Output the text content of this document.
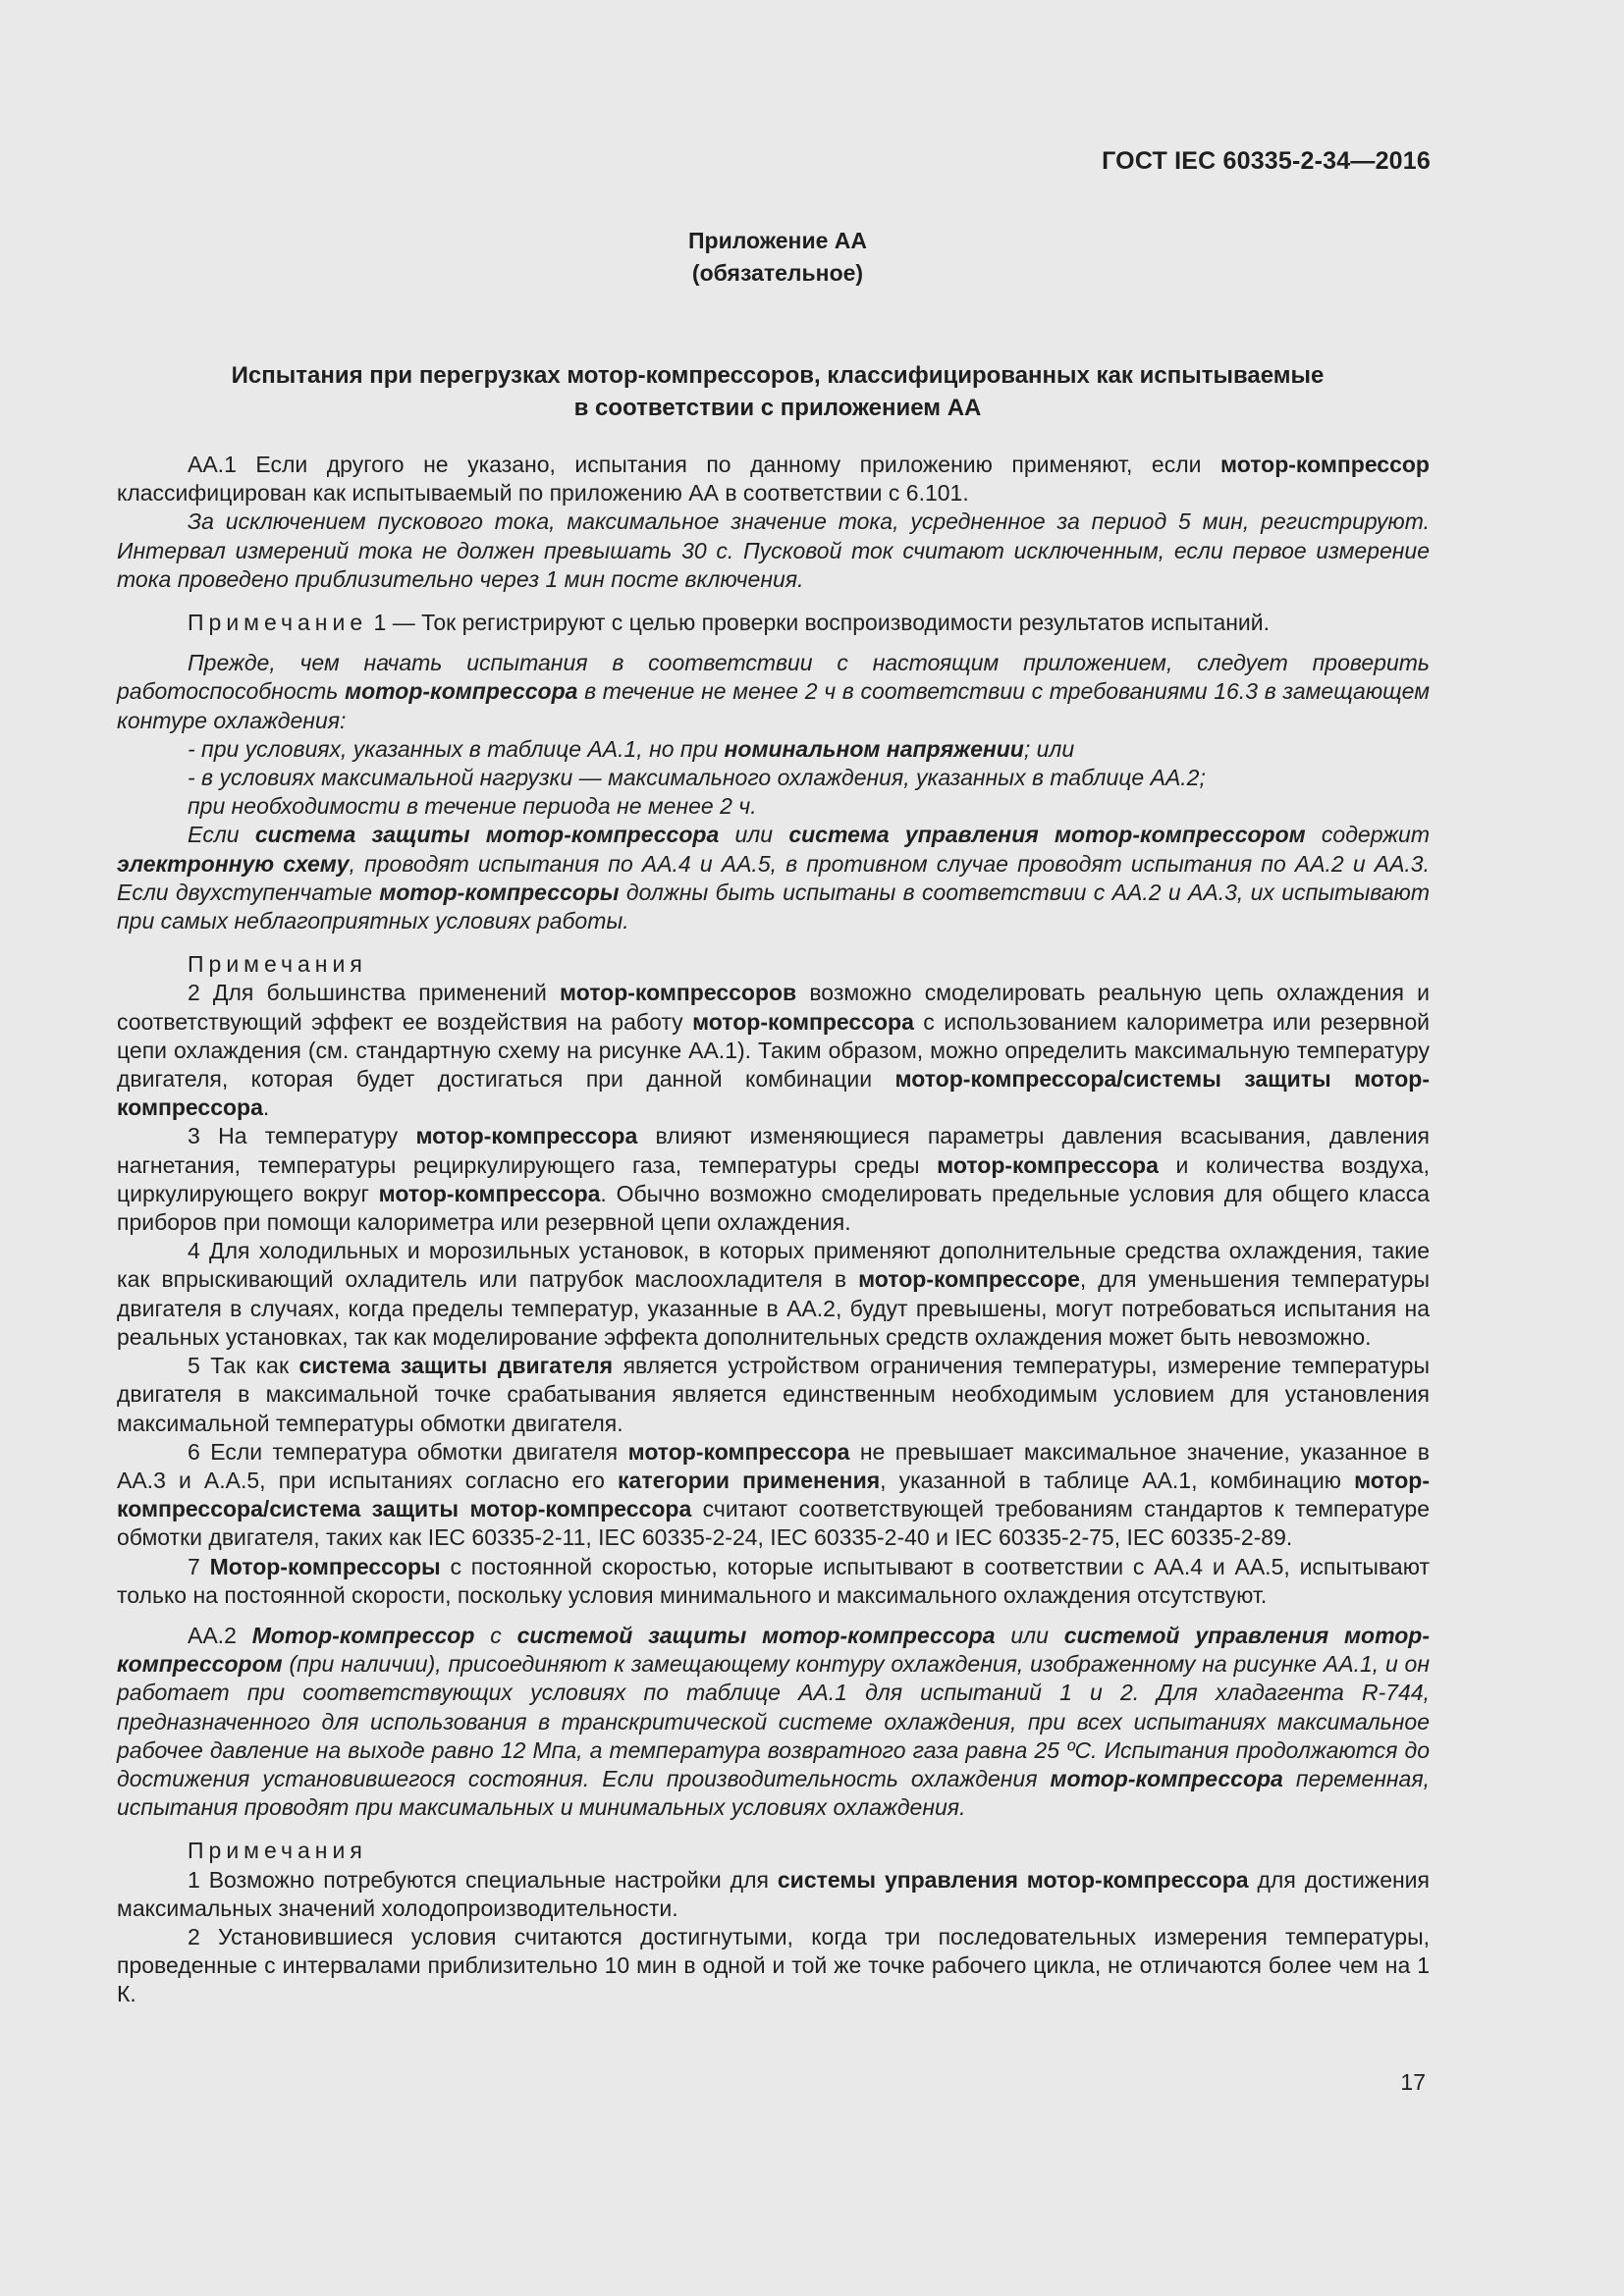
ГОСТ IEC 60335-2-34—2016
Приложение АА
(обязательное)
Испытания при перегрузках мотор-компрессоров, классифицированных как испытываемые
в соответствии с приложением АА

АА.1 Если другого не указано, испытания по данному приложению применяют, если мотор-компрессор классифицирован как испытываемый по приложению АА в соответствии с 6.101.

За исключением пускового тока, максимальное значение тока, усредненное за период 5 мин, регистрируют. Интервал измерений тока не должен превышать 30 с. Пусковой ток считают исключенным, если первое измерение тока проведено приблизительно через 1 мин посте включения.

Примечание 1 — Ток регистрируют с целью проверки воспроизводимости результатов испытаний.

Прежде, чем начать испытания в соответствии с настоящим приложением, следует проверить работоспособность мотор-компрессора в течение не менее 2 ч в соответствии с требованиями 16.3 в замещающем контуре охлаждения:

- при условиях, указанных в таблице АА.1, но при номинальном напряжении; или

- в условиях максимальной нагрузки — максимального охлаждения, указанных в таблице АА.2;

при необходимости в течение периода не менее 2 ч.

Если система защиты мотор-компрессора или система управления мотор-компрессором содержит электронную схему, проводят испытания по АА.4 и АА.5, в противном случае проводят испытания по АА.2 и АА.3. Если двухступенчатые мотор-компрессоры должны быть испытаны в соответствии с АА.2 и АА.3, их испытывают при самых неблагоприятных условиях работы.

Примечания

2 Для большинства применений мотор-компрессоров возможно смоделировать реальную цепь охлаждения и соответствующий эффект ее воздействия на работу мотор-компрессора с использованием калориметра или резервной цепи охлаждения (см. стандартную схему на рисунке АА.1). Таким образом, можно определить максимальную температуру двигателя, которая будет достигаться при данной комбинации мотор-компрессора/системы защиты мотор-компрессора.

3 На температуру мотор-компрессора влияют изменяющиеся параметры давления всасывания, давления нагнетания, температуры рециркулирующего газа, температуры среды мотор-компрессора и количества воздуха, циркулирующего вокруг мотор-компрессора. Обычно возможно смоделировать предельные условия для общего класса приборов при помощи калориметра или резервной цепи охлаждения.

4 Для холодильных и морозильных установок, в которых применяют дополнительные средства охлаждения, такие как впрыскивающий охладитель или патрубок маслоохладителя в мотор-компрессоре, для уменьшения температуры двигателя в случаях, когда пределы температур, указанные в АА.2, будут превышены, могут потребоваться испытания на реальных установках, так как моделирование эффекта дополнительных средств охлаждения может быть невозможно.

5 Так как система защиты двигателя является устройством ограничения температуры, измерение температуры двигателя в максимальной точке срабатывания является единственным необходимым условием для установления максимальной температуры обмотки двигателя.

6 Если температура обмотки двигателя мотор-компрессора не превышает максимальное значение, указанное в АА.3 и А.А.5, при испытаниях согласно его категории применения, указанной в таблице АА.1, комбинацию мотор-компрессора/система защиты мотор-компрессора считают соответствующей требованиям стандартов к температуре обмотки двигателя, таких как IEC 60335-2-11, IEC 60335-2-24, IEC 60335-2-40 и IEC 60335-2-75, IEC 60335-2-89.

7 Мотор-компрессоры с постоянной скоростью, которые испытывают в соответствии с АА.4 и АА.5, испытывают только на постоянной скорости, поскольку условия минимального и максимального охлаждения отсутствуют.

АА.2 Мотор-компрессор с системой защиты мотор-компрессора или системой управления мотор-компрессором (при наличии), присоединяют к замещающему контуру охлаждения, изображенному на рисунке АА.1, и он работает при соответствующих условиях по таблице АА.1 для испытаний 1 и 2. Для хладагента R-744, предназначенного для использования в транскритической системе охлаждения, при всех испытаниях максимальное рабочее давление на выходе равно 12 Мпа, а температура возвратного газа равна 25 ºС. Испытания продолжаются до достижения установившегося состояния. Если производительность охлаждения мотор-компрессора переменная, испытания проводят при максимальных и минимальных условиях охлаждения.

Примечания

1 Возможно потребуются специальные настройки для системы управления мотор-компрессора для достижения максимальных значений холодопроизводительности.

2 Установившиеся условия считаются достигнутыми, когда три последовательных измерения температуры, проведенные с интервалами приблизительно 10 мин в одной и той же точке рабочего цикла, не отличаются более чем на 1 К.

17
